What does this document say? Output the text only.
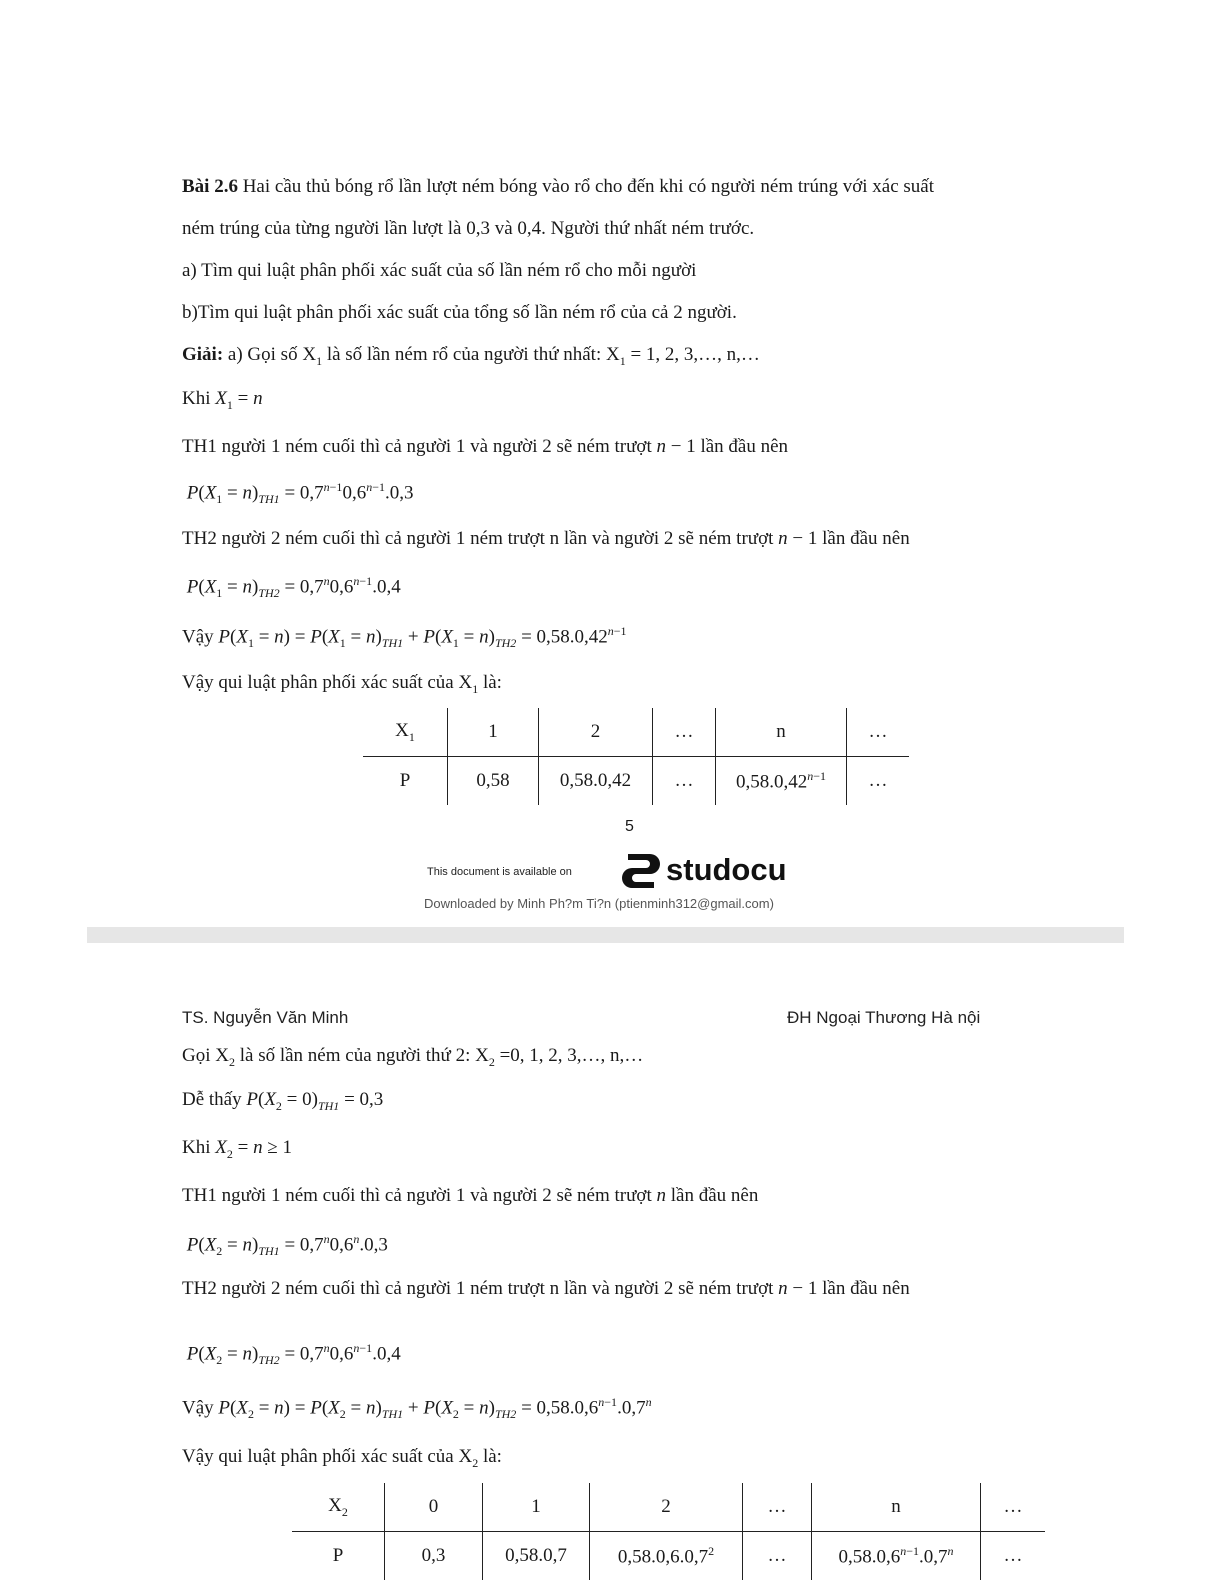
Bài 2.6 Hai cầu thủ bóng rổ lần lượt ném bóng vào rổ cho đến khi có người ném trúng với xác suất
ném trúng của từng người lần lượt là 0,3 và 0,4. Người thứ nhất ném trước.
a) Tìm qui luật phân phối xác suất của số lần ném rổ cho mỗi người
b)Tìm qui luật phân phối xác suất của tổng số lần ném rổ của cả 2 người.
Giải: a) Gọi số $X_1$ là số lần ném rổ của người thứ nhất: $X_1 = 1$, 2, 3,…, n,…
Khi $X_1 = n$
TH1 người 1 ném cuối thì cả người 1 và người 2 sẽ ném trượt n − 1 lần đầu nên
$P(X_1 = n)_{TH1} = 0,7^{n-1}0,6^{n-1}.0,3$
TH2 người 2 ném cuối thì cả người 1 ném trượt n lần và người 2 sẽ ném trượt n − 1 lần đầu nên
$P(X_1 = n)_{TH2} = 0,7^n0,6^{n-1}.0,4$
Vậy $P(X_1 = n) = P(X_1 = n)_{TH1} + P(X_1 = n)_{TH2} = 0,58.0,42^{n-1}$
Vậy qui luật phân phối xác suất của $X_1$ là:
$X_1$	1	2	…	n	…
P	0,58	0,58.0,42	…	$0,58.0,42^{n-1}$	…
5
This document is available on	studocu
Downloaded by Minh Ph?m Ti?n (ptienminh312@gmail.com)
TS. Nguyễn Văn Minh	ĐH Ngoại Thương Hà nội
Gọi $X_2$ là số lần ném của người thứ 2: $X_2 =0$, 1, 2, 3,…, n,…
Dễ thấy $P(X_2 = 0)_{TH1} = 0,3$
Khi $X_2 = n \ge 1$
TH1 người 1 ném cuối thì cả người 1 và người 2 sẽ ném trượt n lần đầu nên
$P(X_2 = n)_{TH1} = 0,7^n0,6^n.0,3$
TH2 người 2 ném cuối thì cả người 1 ném trượt n lần và người 2 sẽ ném trượt n − 1 lần đầu nên
$P(X_2 = n)_{TH2} = 0,7^n0,6^{n-1}.0,4$
Vậy $P(X_2 = n) = P(X_2 = n)_{TH1} + P(X_2 = n)_{TH2} = 0,58.0,6^{n-1}.0,7^n$
Vậy qui luật phân phối xác suất của $X_2$ là:
$X_2$	0	1	2	…	n	…
P	0,3	0,58.0,7	0,58.0,6.0,7$^2$	…	$0,58.0,6^{n-1}.0,7^n$	…
